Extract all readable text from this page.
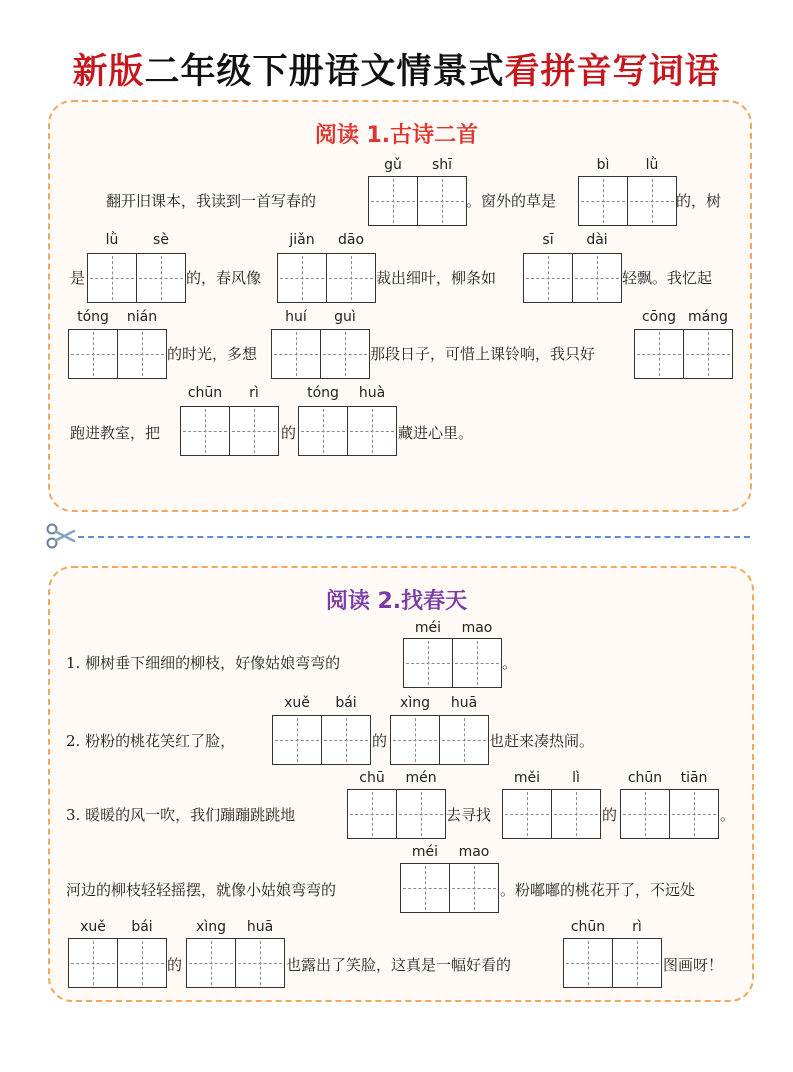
新版二年级下册语文情景式看拼音写词语
阅读 1.古诗二首
翻开旧课本，我读到一首写春的
gǔ	shī
。窗外的草是
bì	lǜ
的，树
是
lǜ	sè
的，春风像
jiǎn	dāo
裁出细叶，柳条如
sī	dài
轻飘。我忆起
tóng	nián
的时光，多想
huí	guì
那段日子，可惜上课铃响，我只好
cōng máng
跑进教室，把
chūn	rì
的
tóng	huà
藏进心里。
阅读 2.找春天
1. 柳树垂下细细的柳枝，好像姑娘弯弯的
méi	mao
。
2. 粉粉的桃花笑红了脸，
xuě	bái
的
xìng	huā
也赶来凑热闹。
3. 暖暖的风一吹，我们蹦蹦跳跳地
chū	mén
去寻找
měi	lì
的
chūn	tiān
。
河边的柳枝轻轻摇摆，就像小姑娘弯弯的
méi	mao
。粉嘟嘟的桃花开了，不远处
xuě	bái
的
xìng	huā
也露出了笑脸，这真是一幅好看的
chūn	rì
图画呀！
